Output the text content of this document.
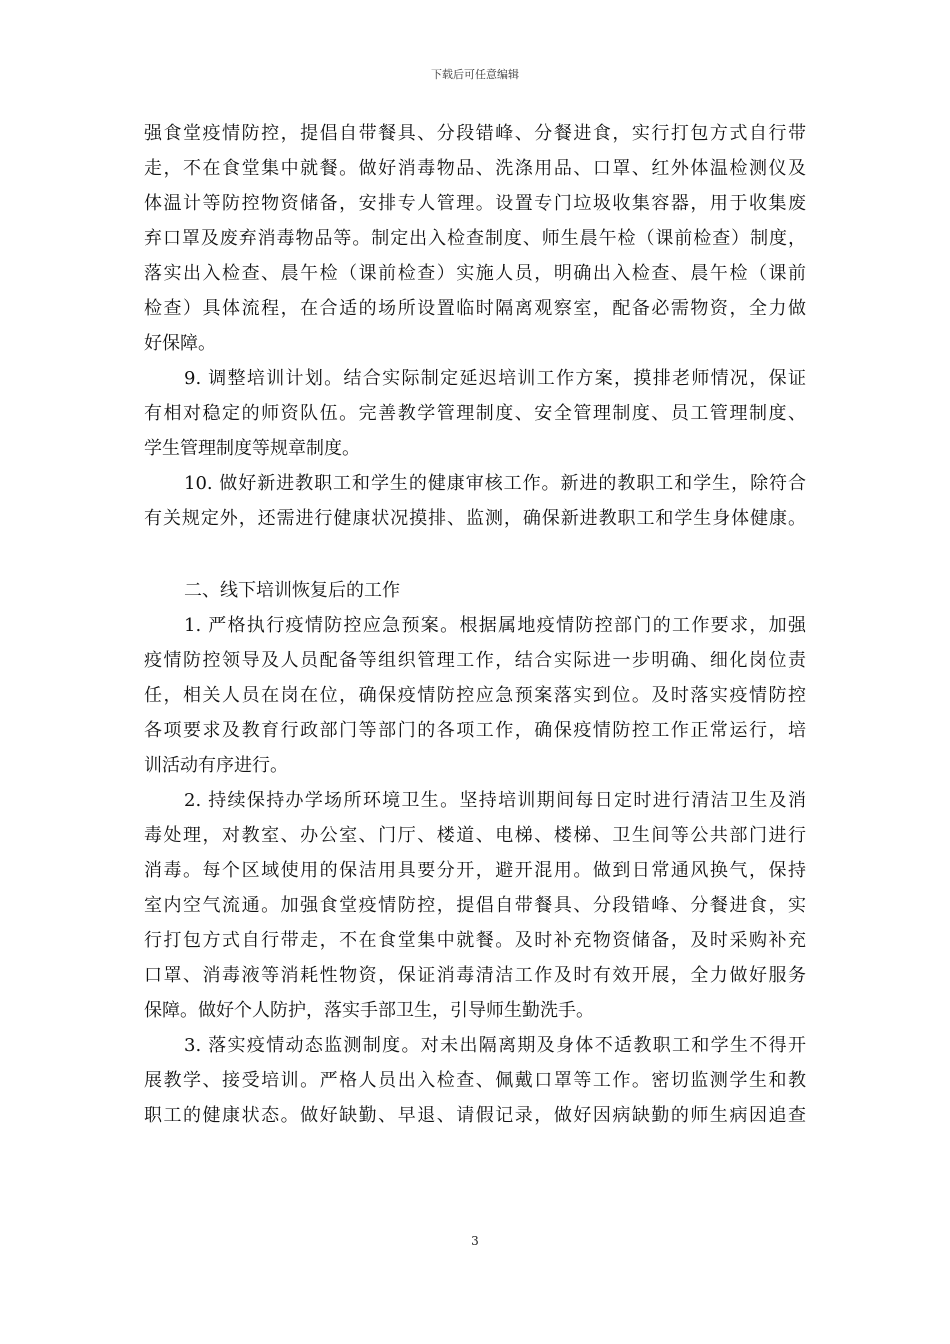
下载后可任意编辑
强食堂疫情防控，提倡自带餐具、分段错峰、分餐进食，实行打包方式自行带
走，不在食堂集中就餐。做好消毒物品、洗涤用品、口罩、红外体温检测仪及
体温计等防控物资储备，安排专人管理。设置专门垃圾收集容器，用于收集废
弃口罩及废弃消毒物品等。制定出入检查制度、师生晨午检（课前检查）制度，
落实出入检查、晨午检（课前检查）实施人员，明确出入检查、晨午检（课前
检查）具体流程，在合适的场所设置临时隔离观察室，配备必需物资，全力做
好保障。
9. 调整培训计划。结合实际制定延迟培训工作方案，摸排老师情况，保证
有相对稳定的师资队伍。完善教学管理制度、安全管理制度、员工管理制度、
学生管理制度等规章制度。
10. 做好新进教职工和学生的健康审核工作。新进的教职工和学生，除符合
有关规定外，还需进行健康状况摸排、监测，确保新进教职工和学生身体健康。
二、线下培训恢复后的工作
1. 严格执行疫情防控应急预案。根据属地疫情防控部门的工作要求，加强
疫情防控领导及人员配备等组织管理工作，结合实际进一步明确、细化岗位责
任，相关人员在岗在位，确保疫情防控应急预案落实到位。及时落实疫情防控
各项要求及教育行政部门等部门的各项工作，确保疫情防控工作正常运行，培
训活动有序进行。
2. 持续保持办学场所环境卫生。坚持培训期间每日定时进行清洁卫生及消
毒处理，对教室、办公室、门厅、楼道、电梯、楼梯、卫生间等公共部门进行
消毒。每个区域使用的保洁用具要分开，避开混用。做到日常通风换气，保持
室内空气流通。加强食堂疫情防控，提倡自带餐具、分段错峰、分餐进食，实
行打包方式自行带走，不在食堂集中就餐。及时补充物资储备，及时采购补充
口罩、消毒液等消耗性物资，保证消毒清洁工作及时有效开展，全力做好服务
保障。做好个人防护，落实手部卫生，引导师生勤洗手。
3. 落实疫情动态监测制度。对未出隔离期及身体不适教职工和学生不得开
展教学、接受培训。严格人员出入检查、佩戴口罩等工作。密切监测学生和教
职工的健康状态。做好缺勤、早退、请假记录，做好因病缺勤的师生病因追查
3
